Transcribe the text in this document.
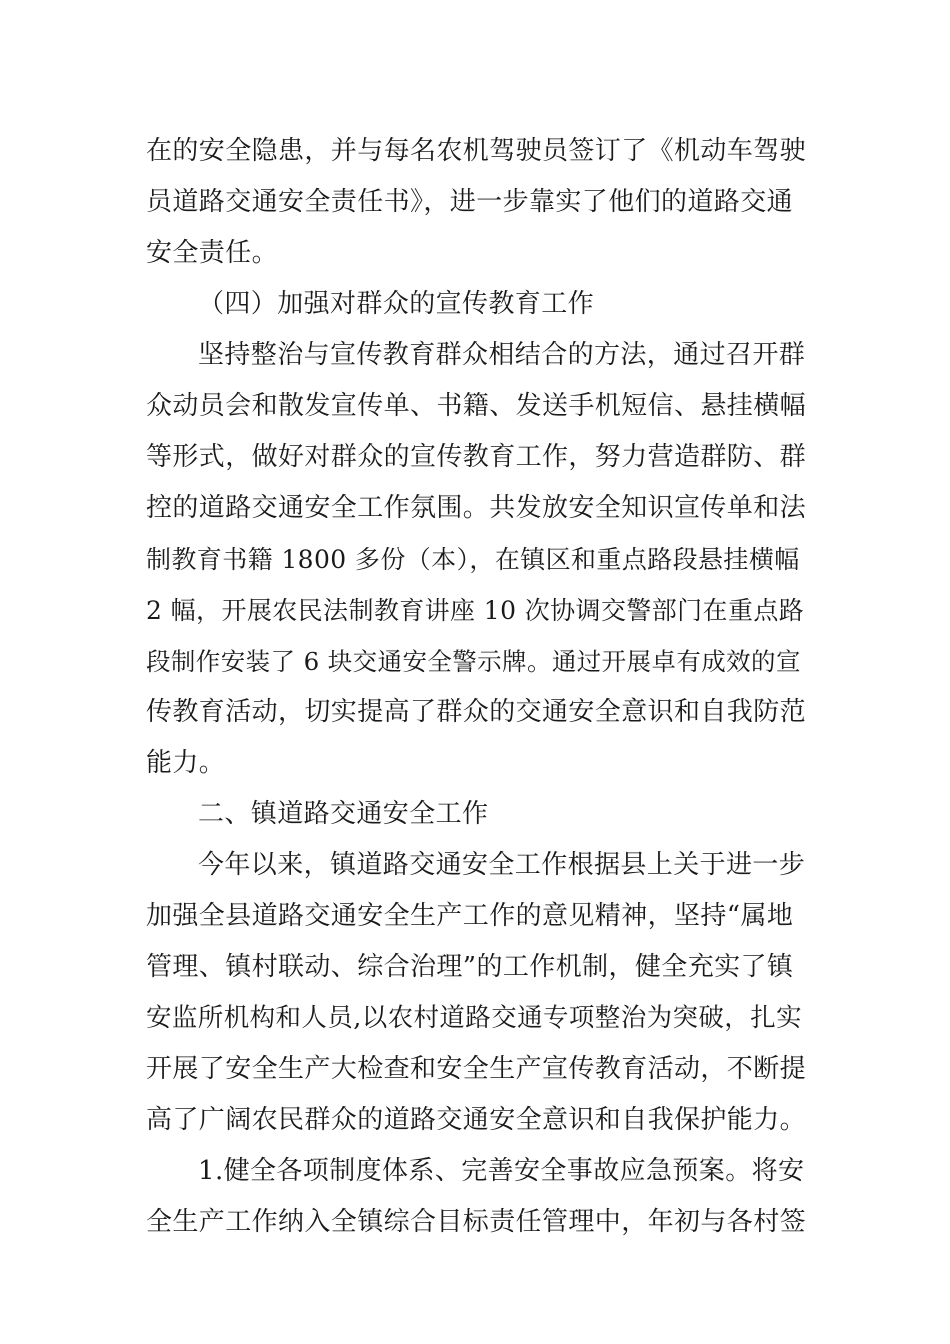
在的安全隐患，并与每名农机驾驶员签订了《机动车驾驶
员道路交通安全责任书》，进一步靠实了他们的道路交通
安全责任。
（四）加强对群众的宣传教育工作
坚持整治与宣传教育群众相结合的方法，通过召开群
众动员会和散发宣传单、书籍、发送手机短信、悬挂横幅
等形式，做好对群众的宣传教育工作，努力营造群防、群
控的道路交通安全工作氛围。共发放安全知识宣传单和法
制教育书籍 1800 多份（本），在镇区和重点路段悬挂横幅
2 幅，开展农民法制教育讲座 10 次协调交警部门在重点路
段制作安装了 6 块交通安全警示牌。通过开展卓有成效的宣
传教育活动，切实提高了群众的交通安全意识和自我防范
能力。
二、镇道路交通安全工作
今年以来，镇道路交通安全工作根据县上关于进一步
加强全县道路交通安全生产工作的意见精神，坚持“属地
管理、镇村联动、综合治理”的工作机制，健全充实了镇
安监所机构和人员,以农村道路交通专项整治为突破，扎实
开展了安全生产大检查和安全生产宣传教育活动，不断提
高了广阔农民群众的道路交通安全意识和自我保护能力。
1.健全各项制度体系、完善安全事故应急预案。将安
全生产工作纳入全镇综合目标责任管理中，年初与各村签
